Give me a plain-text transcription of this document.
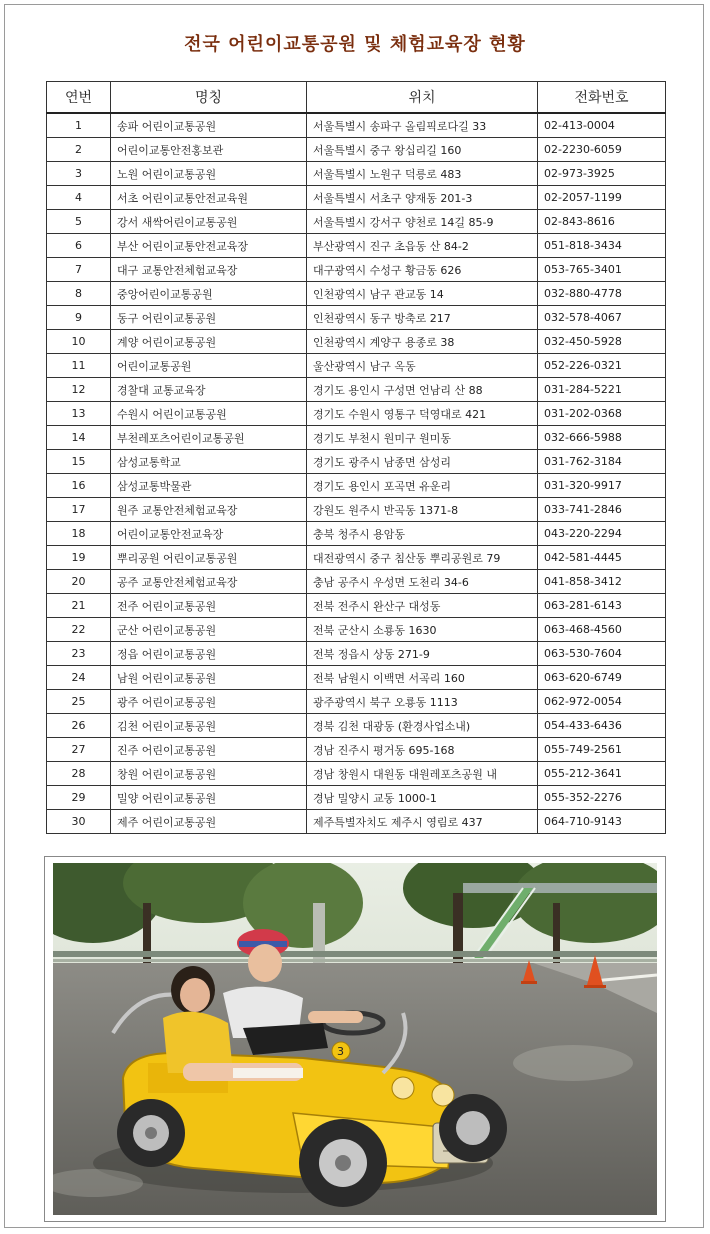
전국 어린이교통공원 및 체험교육장 현황
연번	명칭	위치	전화번호
1	송파 어린이교통공원	서울특별시 송파구 올림픽로다길 33	02-413-0004
2	어린이교통안전홍보관	서울특별시 중구 왕십리길 160	02-2230-6059
3	노원 어린이교통공원	서울특별시 노원구 덕릉로 483	02-973-3925
4	서초 어린이교통안전교육원	서울특별시 서초구 양재동 201-3	02-2057-1199
5	강서 새싹어린이교통공원	서울특별시 강서구 양천로 14길 85-9	02-843-8616
6	부산 어린이교통안전교육장	부산광역시 진구 초읍동 산 84-2	051-818-3434
7	대구 교통안전체험교육장	대구광역시 수성구 황금동 626	053-765-3401
8	중앙어린이교통공원	인천광역시 남구 관교동 14	032-880-4778
9	동구 어린이교통공원	인천광역시 동구 방축로 217	032-578-4067
10	계양 어린이교통공원	인천광역시 계양구 용종로 38	032-450-5928
11	어린이교통공원	울산광역시 남구 옥동	052-226-0321
12	경찰대 교통교육장	경기도 용인시 구성면 언남리 산 88	031-284-5221
13	수원시 어린이교통공원	경기도 수원시 영통구 덕영대로 421	031-202-0368
14	부천레포츠어린이교통공원	경기도 부천시 원미구 원미동	032-666-5988
15	삼성교통학교	경기도 광주시 남종면 삼성리	031-762-3184
16	삼성교통박물관	경기도 용인시 포곡면 유운리	031-320-9917
17	원주 교통안전체험교육장	강원도 원주시 반곡동 1371-8	033-741-2846
18	어린이교통안전교육장	충북 청주시 용암동	043-220-2294
19	뿌리공원 어린이교통공원	대전광역시 중구 침산동 뿌리공원로 79	042-581-4445
20	공주 교통안전체험교육장	충남 공주시 우성면 도천리 34-6	041-858-3412
21	전주 어린이교통공원	전북 전주시 완산구 대성동	063-281-6143
22	군산 어린이교통공원	전북 군산시 소룡동 1630	063-468-4560
23	정읍 어린이교통공원	전북 정읍시 상동 271-9	063-530-7604
24	남원 어린이교통공원	전북 남원시 이백면 서곡리 160	063-620-6749
25	광주 어린이교통공원	광주광역시 북구 오룡동 1113	062-972-0054
26	김천 어린이교통공원	경북 김천 대광동 (환경사업소내)	054-433-6436
27	진주 어린이교통공원	경남 진주시 평거동 695-168	055-749-2561
28	창원 어린이교통공원	경남 창원시 대원동 대원레포츠공원 내	055-212-3641
29	밀양 어린이교통공원	경남 밀양시 교동 1000-1	055-352-2276
30	제주 어린이교통공원	제주특별자치도 제주시 영림로 437	064-710-9143
3
